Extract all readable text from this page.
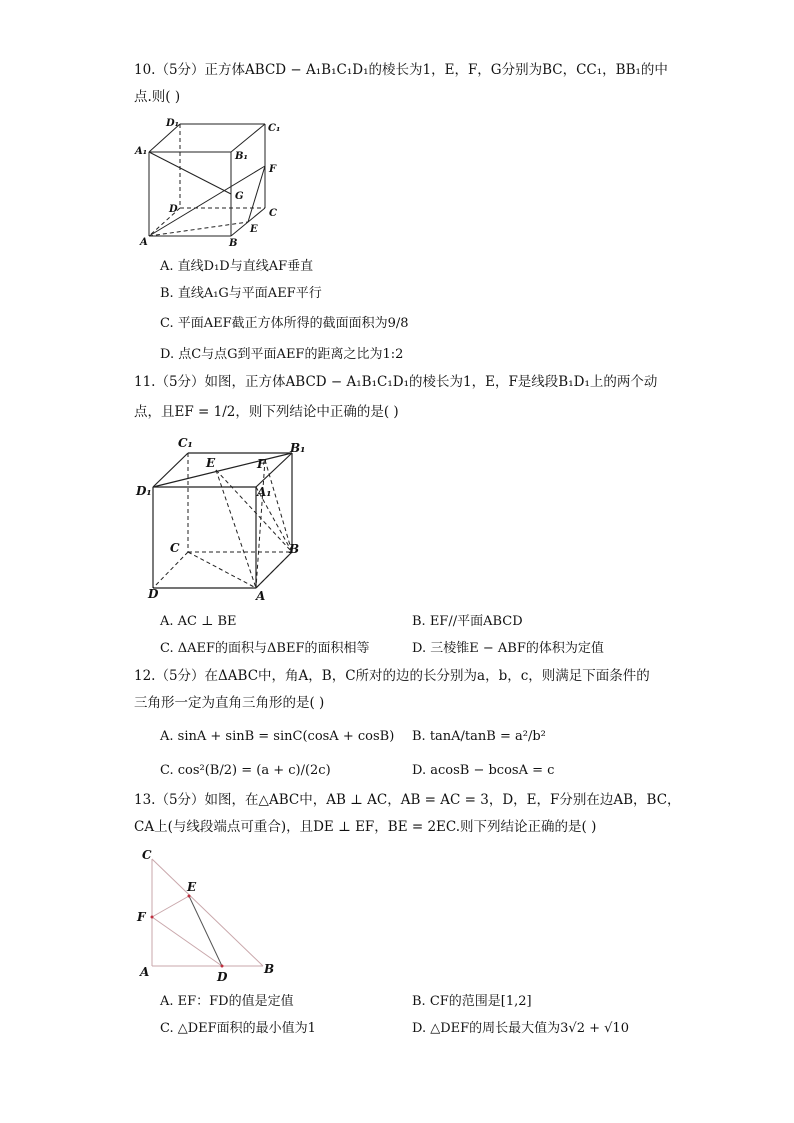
10.（5分）正方体ABCD − A₁B₁C₁D₁的棱长为1，E，F，G分别为BC，CC₁，BB₁的中
点.则( )
D₁	C₁
A₁	B₁
F
G
D	C
E
A	B
A. 直线D₁D与直线AF垂直
B. 直线A₁G与平面AEF平行
C. 平面AEF截正方体所得的截面面积为9/8
D. 点C与点G到平面AEF的距离之比为1:2
11.（5分）如图，正方体ABCD − A₁B₁C₁D₁的棱长为1，E，F是线段B₁D₁上的两个动
点，且EF = 1/2，则下列结论中正确的是( )
C₁	B₁
E	F
D₁	A₁
C	B
D	A
A. AC ⊥ BE	B. EF//平面ABCD
C. ΔAEF的面积与ΔBEF的面积相等	D. 三棱锥E − ABF的体积为定值
12.（5分）在ΔABC中，角A，B，C所对的边的长分别为a，b，c，则满足下面条件的
三角形一定为直角三角形的是( )
A. sinA + sinB = sinC(cosA + cosB) B. tanA/tanB = a²/b²
C. cos²(B/2) = (a + c)/(2c)	D. acosB − bcosA = c
13.（5分）如图，在△ABC中，AB ⊥ AC，AB = AC = 3，D，E，F分别在边AB，BC，
CA上(与线段端点可重合)，且DE ⊥ EF，BE = 2EC.则下列结论正确的是( )
C
E
F
A	D
B
A. EF：FD的值是定值	B. CF的范围是[1,2]
C. △DEF面积的最小值为1	D. △DEF的周长最大值为3√2 + √10
